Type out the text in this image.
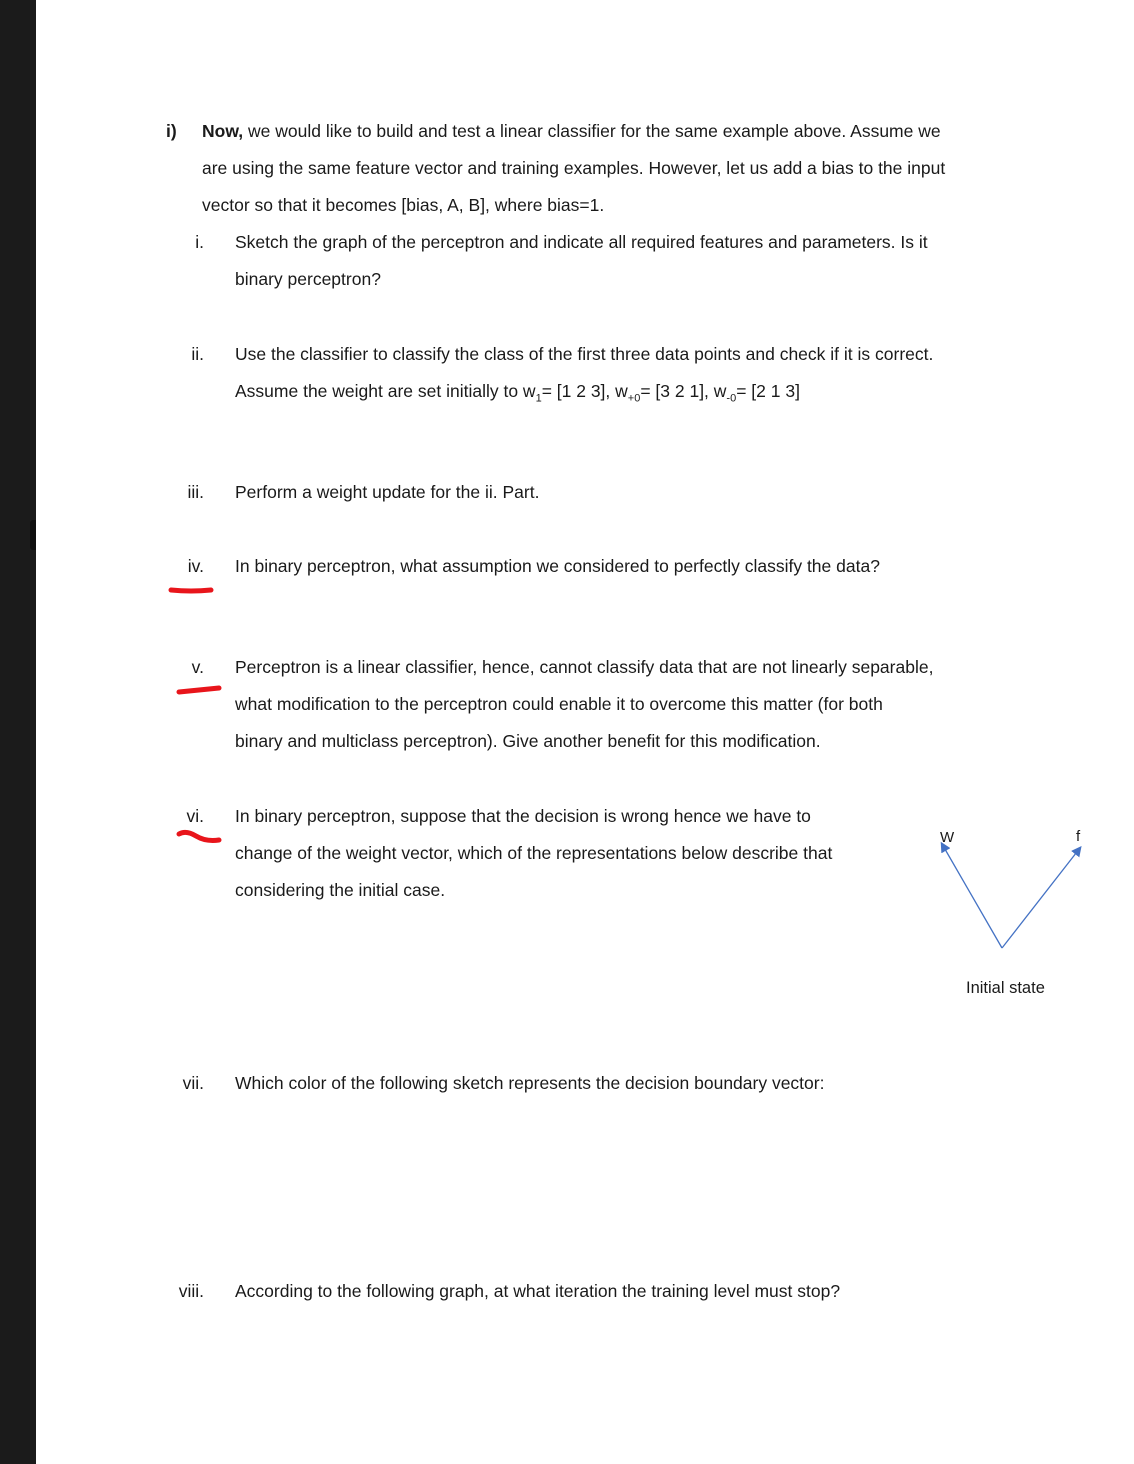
i) Now, we would like to build and test a linear classifier for the same example above. Assume we
are using the same feature vector and training examples. However, let us add a bias to the input
vector so that it becomes [bias, A, B], where bias=1.
i. Sketch the graph of the perceptron and indicate all required features and parameters. Is it
binary perceptron?
ii. Use the classifier to classify the class of the first three data points and check if it is correct.
Assume the weight are set initially to $w_1= [1$ 2 3], $w_{+0}= [3$ 2 1], $w_{-0}= [2$ 1 3]
iii. Perform a weight update for the ii. Part.
iv. In binary perceptron, what assumption we considered to perfectly classify the data?
v. Perceptron is a linear classifier, hence, cannot classify data that are not linearly separable,
what modification to the perceptron could enable it to overcome this matter (for both
binary and multiclass perceptron). Give another benefit for this modification.
vi. In binary perceptron, suppose that the decision is wrong hence we have to
change of the weight vector, which of the representations below describe that
considering the initial case.
vii. Which color of the following sketch represents the decision boundary vector:
viii. According to the following graph, at what iteration the training level must stop?
W	f
Initial state
